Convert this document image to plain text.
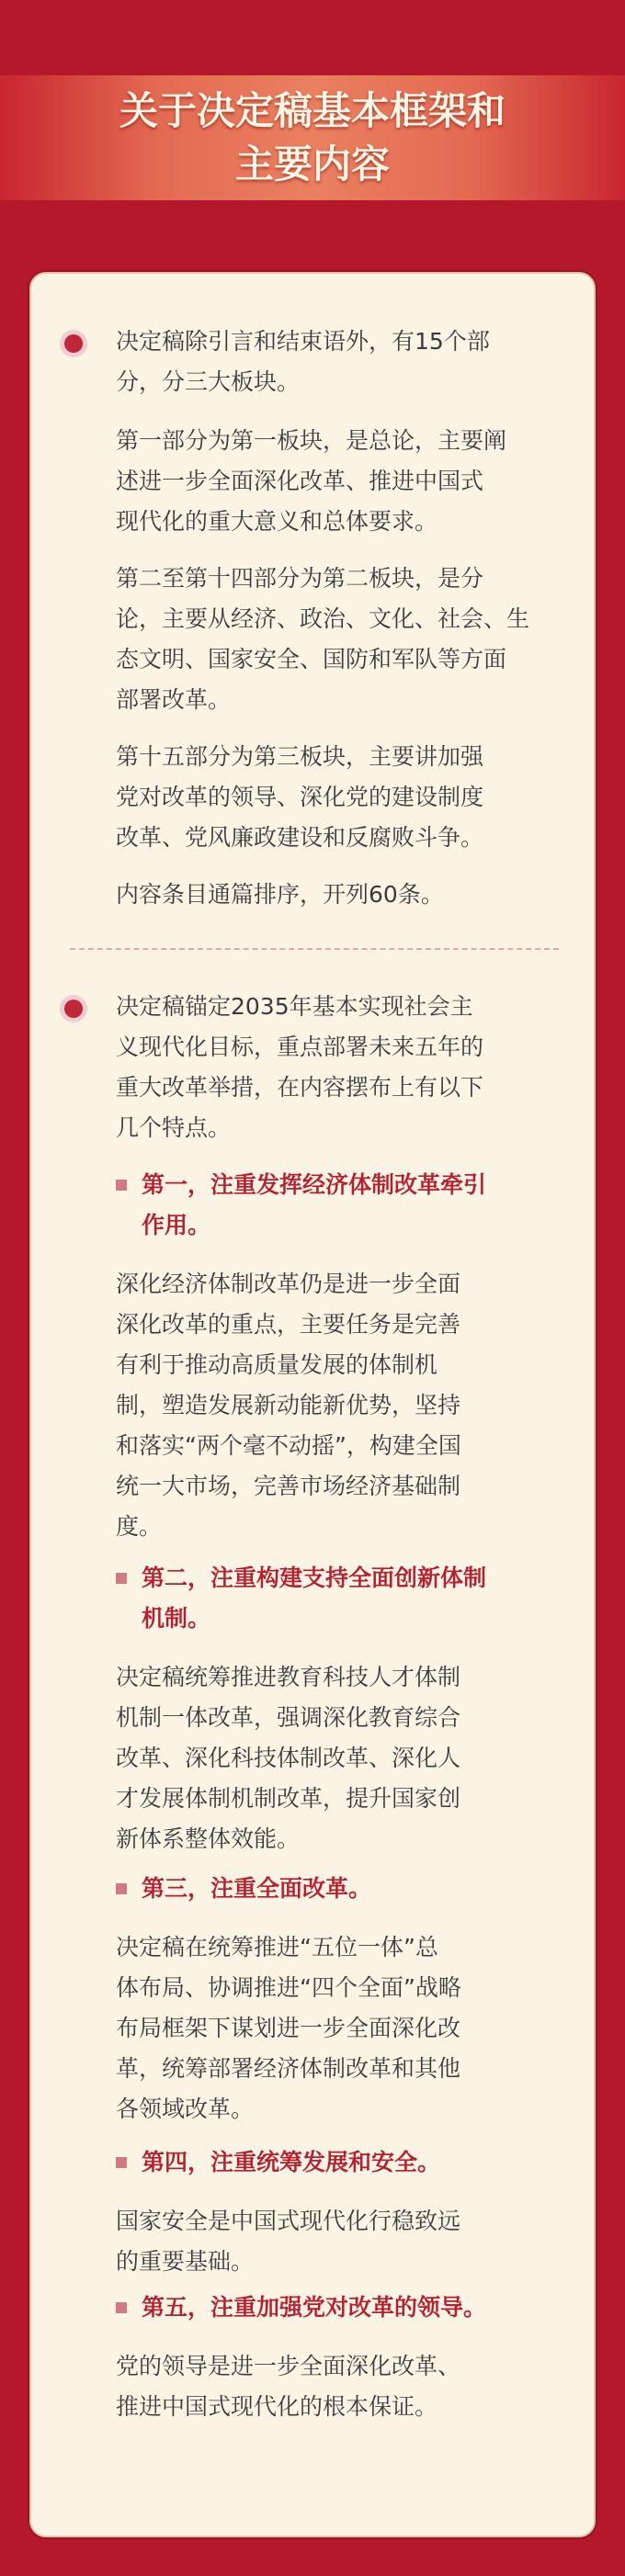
关于决定稿基本框架和
主要内容
决定稿除引言和结束语外，有15个部
分，分三大板块。
第一部分为第一板块，是总论，主要阐
述进一步全面深化改革、推进中国式
现代化的重大意义和总体要求。
第二至第十四部分为第二板块，是分
论，主要从经济、政治、文化、社会、生
态文明、国家安全、国防和军队等方面
部署改革。
第十五部分为第三板块，主要讲加强
党对改革的领导、深化党的建设制度
改革、党风廉政建设和反腐败斗争。
内容条目通篇排序，开列60条。
决定稿锚定2035年基本实现社会主
义现代化目标，重点部署未来五年的
重大改革举措，在内容摆布上有以下
几个特点。
第一，注重发挥经济体制改革牵引
作用。
深化经济体制改革仍是进一步全面
深化改革的重点，主要任务是完善
有利于推动高质量发展的体制机
制，塑造发展新动能新优势，坚持
和落实“两个毫不动摇”，构建全国
统一大市场，完善市场经济基础制
度。
第二，注重构建支持全面创新体制
机制。
决定稿统筹推进教育科技人才体制
机制一体改革，强调深化教育综合
改革、深化科技体制改革、深化人
才发展体制机制改革，提升国家创
新体系整体效能。
第三，注重全面改革。
决定稿在统筹推进“五位一体”总
体布局、协调推进“四个全面”战略
布局框架下谋划进一步全面深化改
革，统筹部署经济体制改革和其他
各领域改革。
第四，注重统筹发展和安全。
国家安全是中国式现代化行稳致远
的重要基础。
第五，注重加强党对改革的领导。
党的领导是进一步全面深化改革、
推进中国式现代化的根本保证。
